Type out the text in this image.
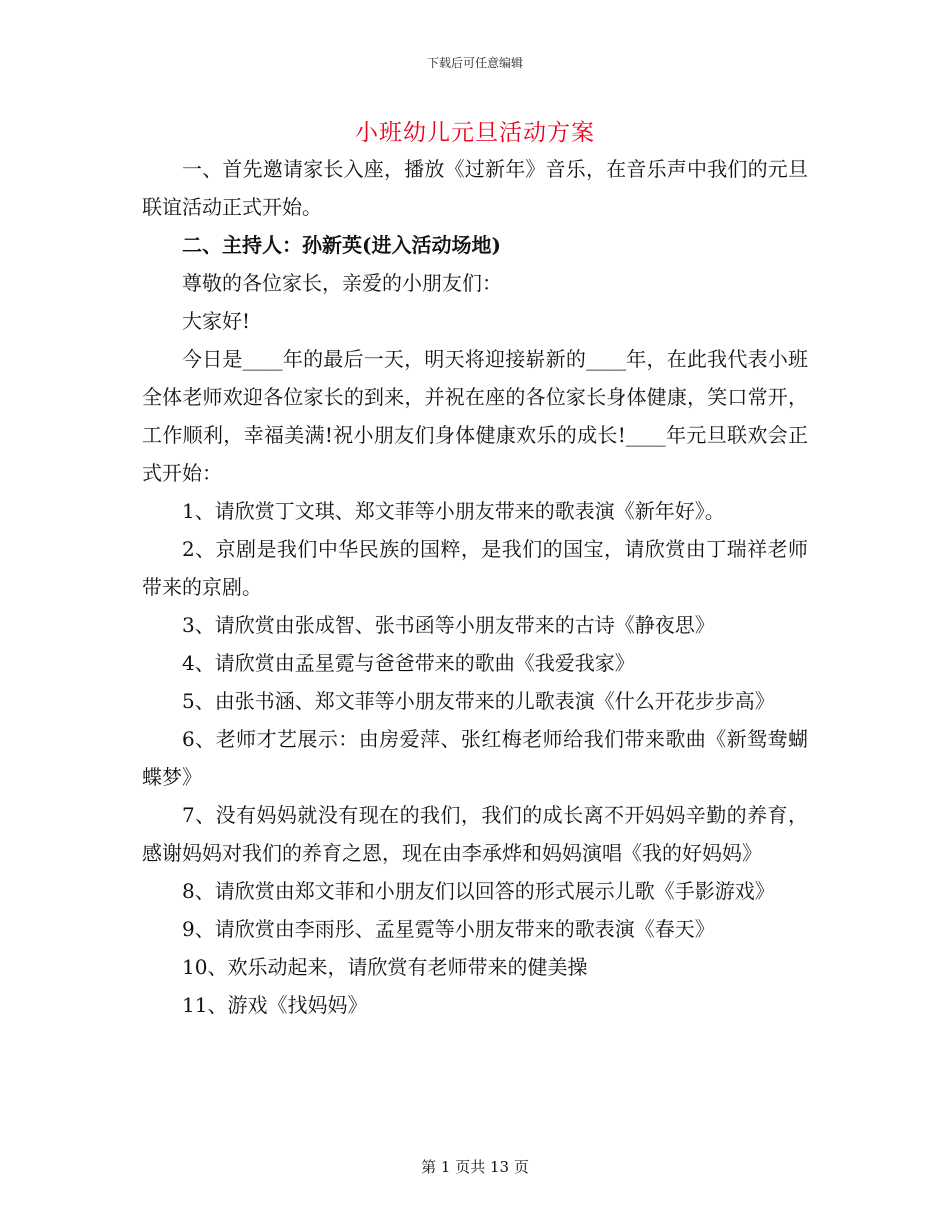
下载后可任意编辑
小班幼儿元旦活动方案

一、首先邀请家长入座，播放《过新年》音乐，在音乐声中我们的元旦联谊活动正式开始。

二、主持人：孙新英(进入活动场地)

尊敬的各位家长，亲爱的小朋友们：

大家好!

今日是____年的最后一天，明天将迎接崭新的____年，在此我代表小班全体老师欢迎各位家长的到来，并祝在座的各位家长身体健康，笑口常开，工作顺利，幸福美满!祝小朋友们身体健康欢乐的成长!____年元旦联欢会正式开始：

1、请欣赏丁文琪、郑文菲等小朋友带来的歌表演《新年好》。

2、京剧是我们中华民族的国粹，是我们的国宝，请欣赏由丁瑞祥老师带来的京剧。

3、请欣赏由张成智、张书函等小朋友带来的古诗《静夜思》

4、请欣赏由孟星霓与爸爸带来的歌曲《我爱我家》

5、由张书涵、郑文菲等小朋友带来的儿歌表演《什么开花步步高》

6、老师才艺展示：由房爱萍、张红梅老师给我们带来歌曲《新鸳鸯蝴蝶梦》

7、没有妈妈就没有现在的我们，我们的成长离不开妈妈辛勤的养育，感谢妈妈对我们的养育之恩，现在由李承烨和妈妈演唱《我的好妈妈》

8、请欣赏由郑文菲和小朋友们以回答的形式展示儿歌《手影游戏》

9、请欣赏由李雨彤、孟星霓等小朋友带来的歌表演《春天》

10、欢乐动起来，请欣赏有老师带来的健美操

11、游戏《找妈妈》

第 1 页共 13 页
